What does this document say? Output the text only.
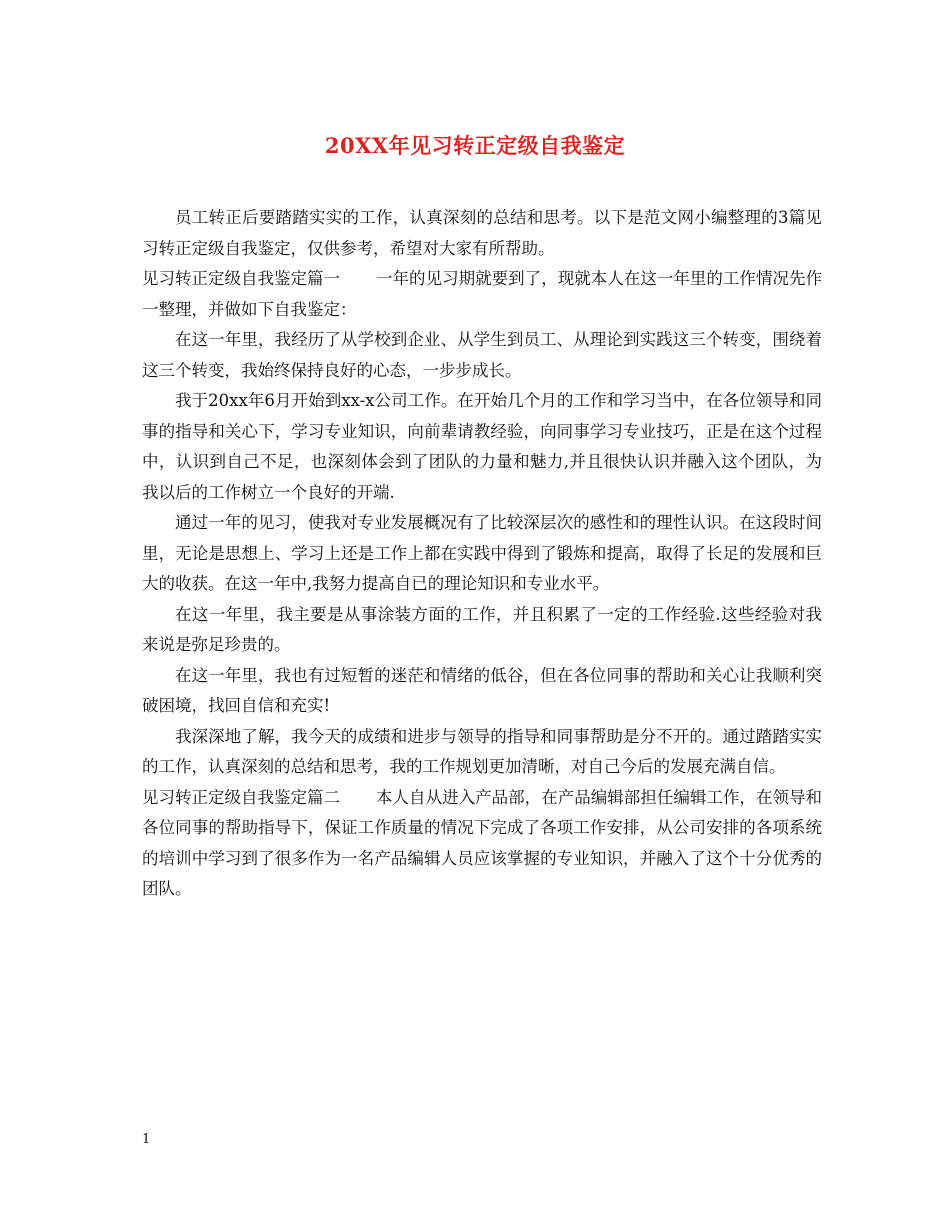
20XX年见习转正定级自我鉴定

员工转正后要踏踏实实的工作，认真深刻的总结和思考。以下是范文网小编整理的3篇见习转正定级自我鉴定，仅供参考，希望对大家有所帮助。

见习转正定级自我鉴定篇一 一年的见习期就要到了，现就本人在这一年里的工作情况先作一整理，并做如下自我鉴定：

在这一年里，我经历了从学校到企业、从学生到员工、从理论到实践这三个转变，围绕着这三个转变，我始终保持良好的心态，一步步成长。

我于20xx年6月开始到xx-x公司工作。在开始几个月的工作和学习当中，在各位领导和同事的指导和关心下，学习专业知识，向前辈请教经验，向同事学习专业技巧，正是在这个过程中，认识到自己不足，也深刻体会到了团队的力量和魅力,并且很快认识并融入这个团队，为我以后的工作树立一个良好的开端.

通过一年的见习，使我对专业发展概况有了比较深层次的感性和的理性认识。在这段时间里，无论是思想上、学习上还是工作上都在实践中得到了锻炼和提高，取得了长足的发展和巨大的收获。在这一年中,我努力提高自已的理论知识和专业水平。

在这一年里，我主要是从事涂装方面的工作，并且积累了一定的工作经验.这些经验对我来说是弥足珍贵的。

在这一年里，我也有过短暂的迷茫和情绪的低谷，但在各位同事的帮助和关心让我顺利突破困境，找回自信和充实!

我深深地了解，我今天的成绩和进步与领导的指导和同事帮助是分不开的。通过踏踏实实的工作，认真深刻的总结和思考，我的工作规划更加清晰，对自己今后的发展充满自信。

见习转正定级自我鉴定篇二 本人自从进入产品部，在产品编辑部担任编辑工作，在领导和各位同事的帮助指导下，保证工作质量的情况下完成了各项工作安排，从公司安排的各项系统的培训中学习到了很多作为一名产品编辑人员应该掌握的专业知识，并融入了这个十分优秀的团队。

1
